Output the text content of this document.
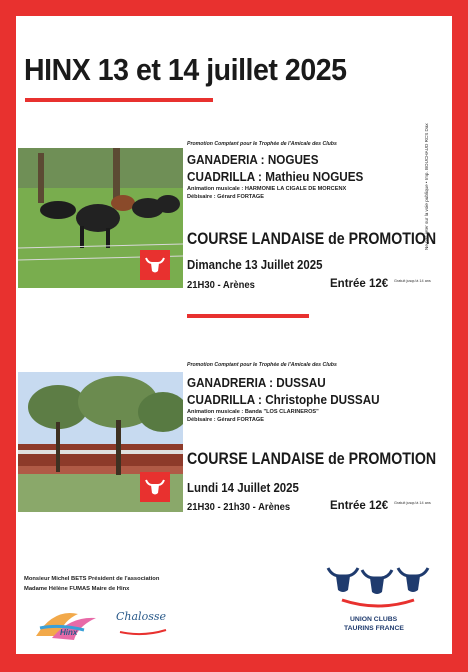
HINX 13 et 14 juillet 2025
Promotion Comptant pour le Trophée de l'Amicale des Clubs
GANADERIA : NOGUES
CUADRILLA : Mathieu NOGUES
Animation musicale : HARMONIE LA CIGALE DE MORCENX
Débisaire : Gérard FORTAGE
COURSE LANDAISE de PROMOTION
Dimanche 13 Juillet 2025
21H30 - Arènes	Entrée 12€ Gratuit jusqu'à 14 ans
Promotion Comptant pour le Trophée de l'Amicale des Clubs
GANADRERIA : DUSSAU
CUADRILLA : Christophe DUSSAU
Animation musicale : Banda "LOS CLARINEROS"
Débisaire : Gérard FORTAGE
COURSE LANDAISE de PROMOTION
Lundi 14 Juillet 2025
21H30 - 21h30 - Arènes	Entrée 12€ Gratuit jusqu'à 14 ans
Ne pas jeter sur la voie publique • Imp. BOUCHAUD RCS Dax
Monsieur Michel BETS Président de l'association
Madame Hélène FUMAS Maire de Hinx
Hinx
Chalosse	UNION CLUBS
TAURINS FRANCE
